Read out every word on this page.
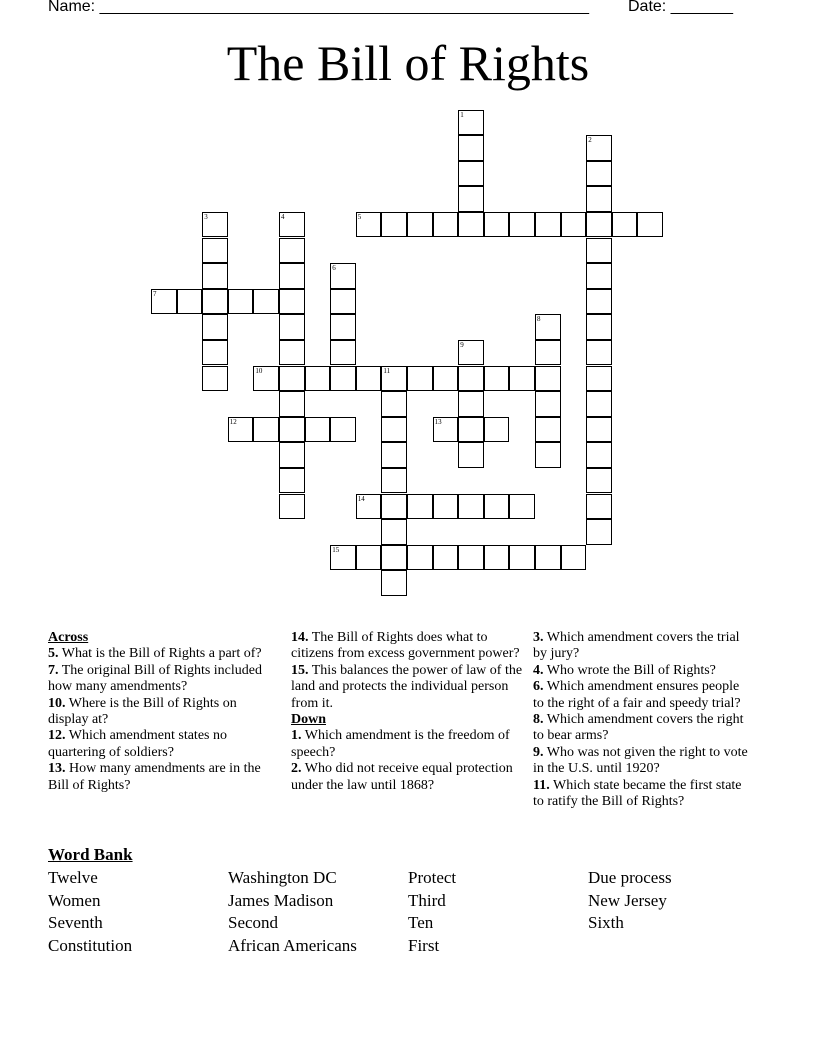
Name: _______________________________________________________ Date: _______
The Bill of Rights
1
2
3	4	5
6
7
8
9
10	11
12	13
14
15
Across
5. What is the Bill of Rights a part of?
7. The original Bill of Rights included how many amendments?
10. Where is the Bill of Rights on display at?
12. Which amendment states no quartering of soldiers?
13. How many amendments are in the Bill of Rights?
14. The Bill of Rights does what to citizens from excess government power?
15. This balances the power of law of the land and protects the individual person from it.
Down
1. Which amendment is the freedom of speech?
2. Who did not receive equal protection under the law until 1868?
3. Which amendment covers the trial by jury?
4. Who wrote the Bill of Rights?
6. Which amendment ensures people to the right of a fair and speedy trial?
8. Which amendment covers the right to bear arms?
9. Who was not given the right to vote in the U.S. until 1920?
11. Which state became the first state to ratify the Bill of Rights?
Word Bank
Twelve
Women
Seventh
Constitution
Washington DC
James Madison
Second
African Americans
Protect
Third
Ten
First
Due process
New Jersey
Sixth
